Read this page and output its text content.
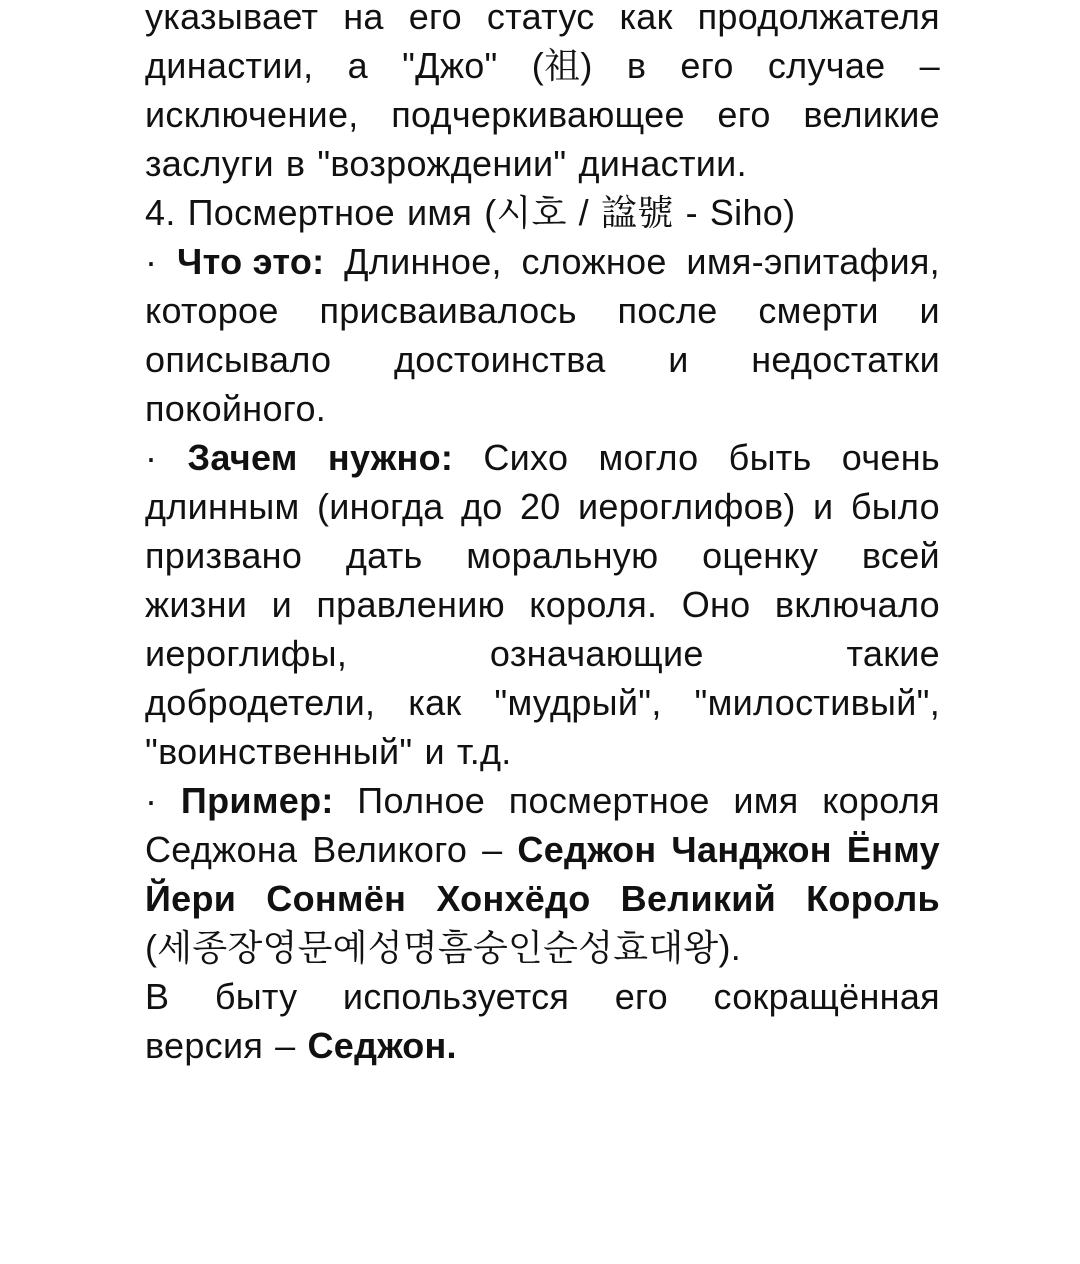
указывает на его статус как продолжателя
династии, а "Джо" (祖) в его случае –
исключение, подчеркивающее его великие
заслуги в "возрождении" династии.
4. Посмертное имя (시호 / 諡號 - Siho)
· Что это: Длинное, сложное имя-эпитафия,
которое присваивалось после смерти и
описывало достоинства и недостатки
покойного.
· Зачем нужно: Сихо могло быть очень
длинным (иногда до 20 иероглифов) и было
призвано дать моральную оценку всей
жизни и правлению короля. Оно включало
иероглифы,	означающие	такие
добродетели, как "мудрый", "милостивый",
"воинственный" и т.д.
· Пример: Полное посмертное имя короля
Седжона Великого – Седжон Чанджон Ёнму
Йери Сонмён Хонхёдо Великий Король
(세종장영문예성명흠숭인순성효대왕).
В быту используется его сокращённая
версия – Седжон.
